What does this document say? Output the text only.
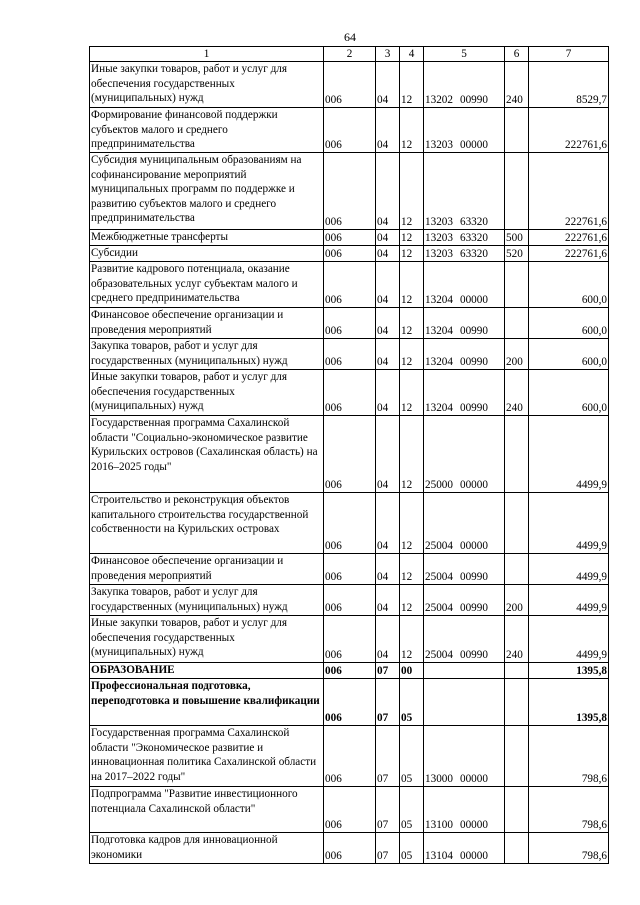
64
1	2	3	4	5	6	7
Иные закупки товаров, работ и услуг для обеспечения государственных (муниципальных) нужд	006	04	12	13202 00990	240	8529,7
Формирование финансовой поддержки субъектов малого и среднего предпринимательства	006	04	12	13203 00000		222761,6
Субсидия муниципальным образованиям на софинансирование мероприятий муниципальных программ по поддержке и развитию субъектов малого и среднего предпринимательства	006	04	12	13203 63320		222761,6
Межбюджетные трансферты	006	04	12	13203 63320	500	222761,6
Субсидии	006	04	12	13203 63320	520	222761,6
Развитие кадрового потенциала, оказание образовательных услуг субъектам малого и среднего предпринимательства	006	04	12	13204 00000		600,0
Финансовое обеспечение организации и проведения мероприятий	006	04	12	13204 00990		600,0
Закупка товаров, работ и услуг для государственных (муниципальных) нужд	006	04	12	13204 00990	200	600,0
Иные закупки товаров, работ и услуг для обеспечения государственных (муниципальных) нужд	006	04	12	13204 00990	240	600,0
Государственная программа Сахалинской области "Социально-экономическое развитие Курильских островов (Сахалинская область) на 2016–2025 годы"	006	04	12	25000 00000		4499,9
Строительство и реконструкция объектов капитального строительства государственной собственности на Курильских островах	006	04	12	25004 00000		4499,9
Финансовое обеспечение организации и проведения мероприятий	006	04	12	25004 00990		4499,9
Закупка товаров, работ и услуг для государственных (муниципальных) нужд	006	04	12	25004 00990	200	4499,9
Иные закупки товаров, работ и услуг для обеспечения государственных (муниципальных) нужд	006	04	12	25004 00990	240	4499,9
ОБРАЗОВАНИЕ	006	07	00			1395,8
Профессиональная подготовка, переподготовка и повышение квалификации	006	07	05			1395,8
Государственная программа Сахалинской области "Экономическое развитие и инновационная политика Сахалинской области на 2017–2022 годы"	006	07	05	13000 00000		798,6
Подпрограмма "Развитие инвестиционного потенциала Сахалинской области"	006	07	05	13100 00000		798,6
Подготовка кадров для инновационной экономики	006	07	05	13104 00000		798,6
